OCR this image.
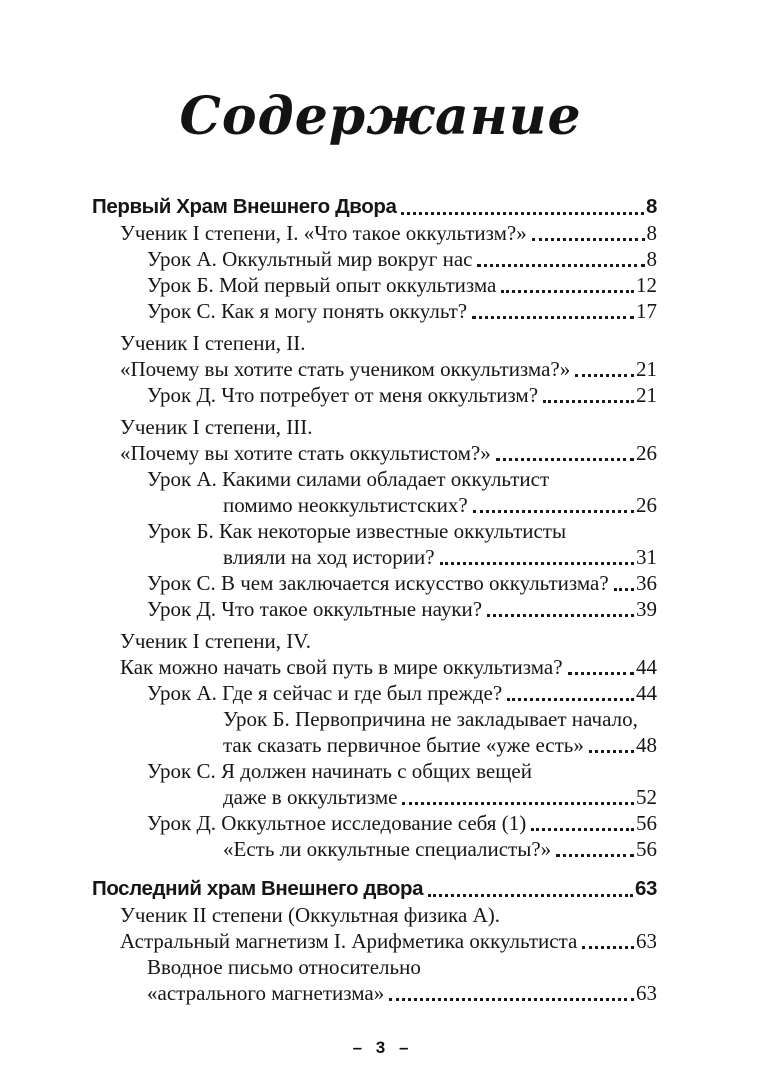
Содержание
Первый Храм Внешнего Двора	8
Ученик I степени, I. «Что такое оккультизм?»	8
Урок А. Оккультный мир вокруг нас	8
Урок Б. Мой первый опыт оккультизма	12
Урок С. Как я могу понять оккульт?	17
Ученик I степени, II.
«Почему вы хотите стать учеником оккультизма?»	21
Урок Д. Что потребует от меня оккультизм?	21
Ученик I степени, III.
«Почему вы хотите стать оккультистом?»	26
Урок А. Какими силами обладает оккультист
помимо неоккультистских?	26
Урок Б. Как некоторые известные оккультисты
влияли на ход истории?	31
Урок С. В чем заключается искусство оккультизма? 36
Урок Д. Что такое оккультные науки?	39
Ученик I степени, IV.
Как можно начать свой путь в мире оккультизма?	44
Урок А. Где я сейчас и где был прежде?	44
Урок Б. Первопричина не закладывает начало,
так сказать первичное бытие «уже есть» 48
Урок С. Я должен начинать с общих вещей
даже в оккультизме	52
Урок Д. Оккультное исследование себя (1)	56
«Есть ли оккультные специалисты?»	56
Последний храм Внешнего двора	63
Ученик II степени (Оккультная физика А).
Астральный магнетизм I. Арифметика оккультиста	63
Вводное письмо относительно
«астрального магнетизма»	63
– 3 –
